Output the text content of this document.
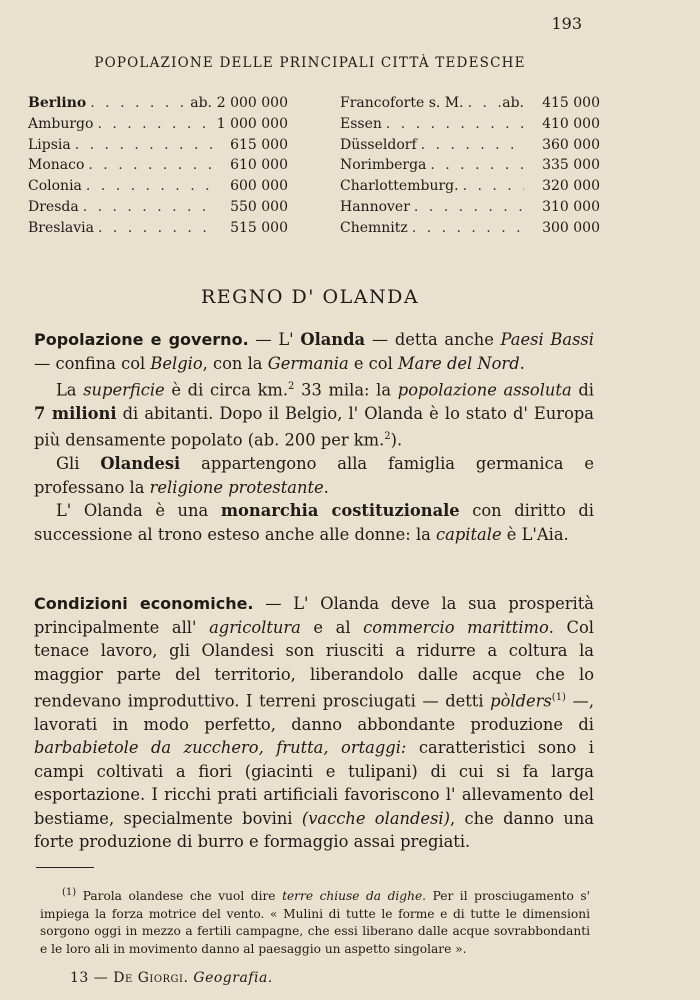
193
POPOLAZIONE DELLE PRINCIPALI CITTÀ TEDESCHE
Berlino . . .	ab. 2 000 000
Amburgo . . .	1 000 000
Lipsia . . .	615 000
Monaco . . .	610 000
Colonia . . .	600 000
Dresda . . .	550 000
Breslavia . . .	515 000
Francoforte s. M. . . .	ab.	415 000
Essen . . .	410 000
Düsseldorf . . .	360 000
Norimberga . . .	335 000
Charlottemburg. . . .	320 000
Hannover . . .	310 000
Chemnitz . . .	300 000
REGNO D' OLANDA

Popolazione e governo. — L' Olanda — detta anche Paesi Bassi — confina col Belgio, con la Germania e col Mare del Nord.

La superficie è di circa km.$^2$ 33 mila: la popolazione assoluta di 7 milioni di abitanti. Dopo il Belgio, l' Olanda è lo stato d' Europa più densamente popolato (ab. 200 per km.$^2$).

Gli Olandesi appartengono alla famiglia germanica e professano la religione protestante.

L' Olanda è una monarchia costituzionale con diritto di successione al trono esteso anche alle donne: la capitale è L'Aia.

Condizioni economiche. — L' Olanda deve la sua prosperità principalmente all' agricoltura e al commercio marittimo. Col tenace lavoro, gli Olandesi son riusciti a ridurre a coltura la maggior parte del territorio, liberandolo dalle acque che lo rendevano improduttivo. I terreni prosciugati — detti pòlders$^{(1)}$ —, lavorati in modo perfetto, danno abbondante produzione di barbabietole da zucchero, frutta, ortaggi: caratteristici sono i campi coltivati a fiori (giacinti e tulipani) di cui si fa larga esportazione. I ricchi prati artificiali favoriscono l' allevamento del bestiame, specialmente bovini (vacche olandesi), che danno una forte produzione di burro e formaggio assai pregiati.

$^{(1)}$ Parola olandese che vuol dire terre chiuse da dighe. Per il prosciugamento s' impiega la forza motrice del vento. « Mulini di tutte le forme e di tutte le dimensioni sorgono oggi in mezzo a fertili campagne, che essi liberano dalle acque sovrabbondanti e le loro ali in movimento danno al paesaggio un aspetto singolare ».

13 — De Giorgi. Geografia.
